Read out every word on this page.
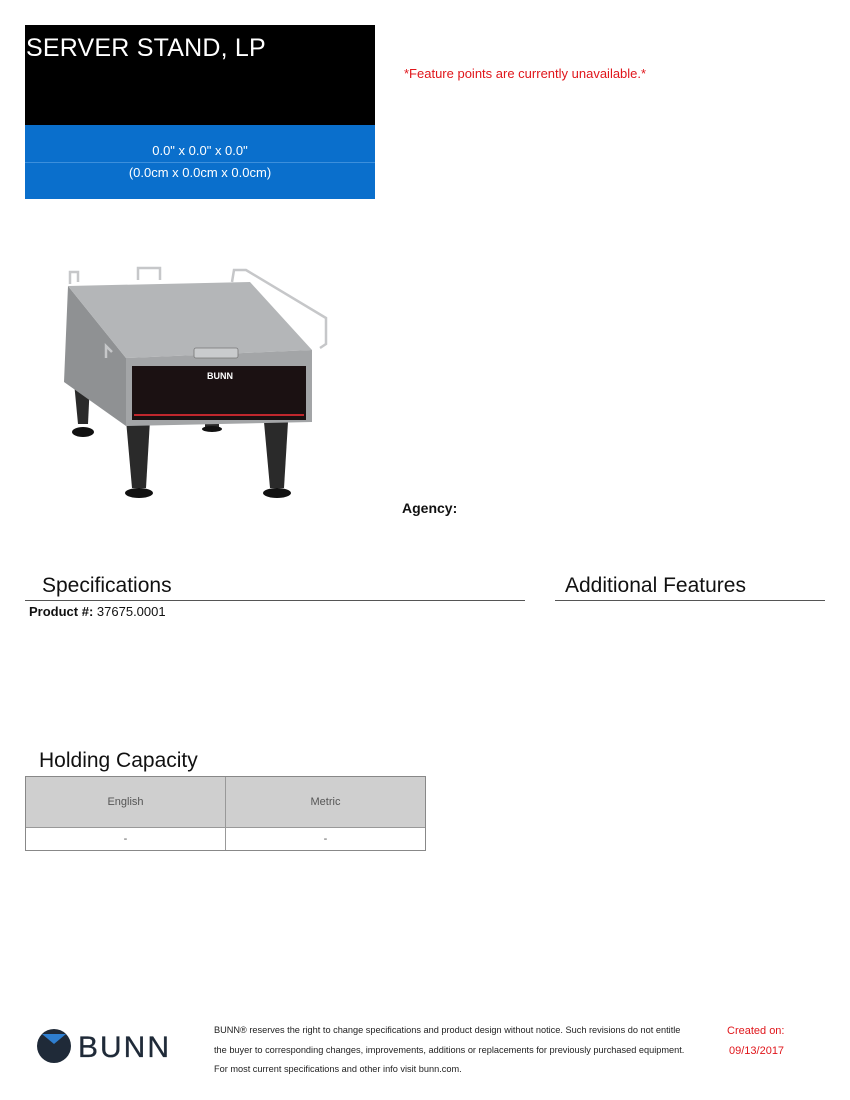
SERVER STAND, LP
0.0" x 0.0" x 0.0"
(0.0cm x 0.0cm x 0.0cm)
*Feature points are currently unavailable.*
BUNN
Agency:
Specifications	Additional Features
Product #: 37675.0001
Holding Capacity
English	Metric
-	-
BUNN
BUNN® reserves the right to change specifications and product design without notice. Such revisions do not entitle
the buyer to corresponding changes, improvements, additions or replacements for previously purchased equipment.
For most current specifications and other info visit bunn.com.
Created on:
09/13/2017
